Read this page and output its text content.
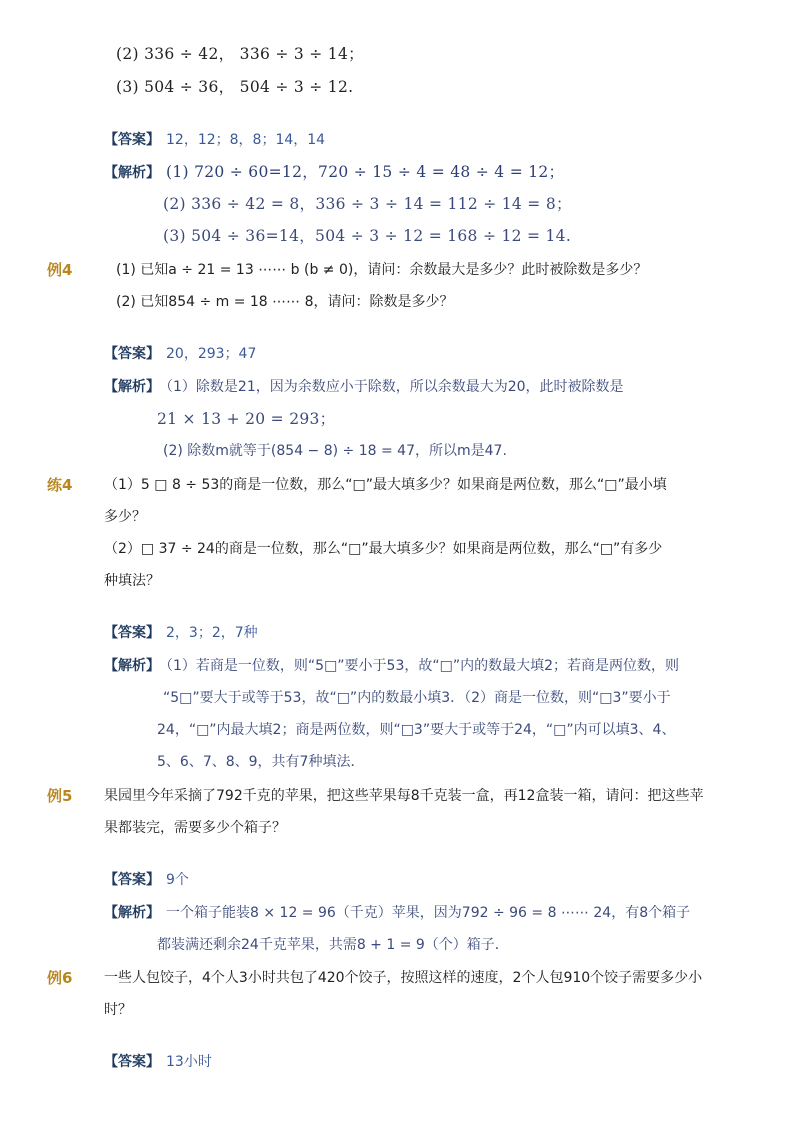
(2) 336 ÷ 42， 336 ÷ 3 ÷ 14；
(3) 504 ÷ 36， 504 ÷ 3 ÷ 12.
【答案】 12，12；8，8；14，14
【解析】 (1) 720 ÷ 60=12，720 ÷ 15 ÷ 4 = 48 ÷ 4 = 12；
(2) 336 ÷ 42 = 8，336 ÷ 3 ÷ 14 = 112 ÷ 14 = 8；
(3) 504 ÷ 36=14，504 ÷ 3 ÷ 12 = 168 ÷ 12 = 14.
例4	(1) 已知a ÷ 21 = 13 ⋯⋯ b (b ≠ 0)，请问：余数最大是多少？此时被除数是多少？
(2) 已知854 ÷ m = 18 ⋯⋯ 8，请问：除数是多少？
【答案】 20，293；47
【解析】 （1）除数是21，因为余数应小于除数，所以余数最大为20，此时被除数是
21 × 13 + 20 = 293；
(2) 除数m就等于(854 − 8) ÷ 18 = 47，所以m是47.
练4 （1）5 □ 8 ÷ 53的商是一位数，那么“□”最大填多少？如果商是两位数，那么“□”最小填
多少？
（2）□ 37 ÷ 24的商是一位数，那么“□”最大填多少？如果商是两位数，那么“□”有多少
种填法？
【答案】 2，3；2，7种
【解析】 （1）若商是一位数，则“5□”要小于53，故“□”内的数最大填2；若商是两位数，则
“5□”要大于或等于53，故“□”内的数最小填3．（2）商是一位数，则“□3”要小于
24，“□”内最大填2；商是两位数，则“□3”要大于或等于24，“□”内可以填3、4、
5、6、7、8、9，共有7种填法．
例5 果园里今年采摘了792千克的苹果，把这些苹果每8千克装一盒，再12盒装一箱，请问：把这些苹
果都装完，需要多少个箱子？
【答案】 9个
【解析】 一个箱子能装8 × 12 = 96（千克）苹果，因为792 ÷ 96 = 8 ⋯⋯ 24，有8个箱子
都装满还剩余24千克苹果，共需8 + 1 = 9（个）箱子．
例6 一些人包饺子，4个人3小时共包了420个饺子，按照这样的速度，2个人包910个饺子需要多少小
时？
【答案】 13小时
